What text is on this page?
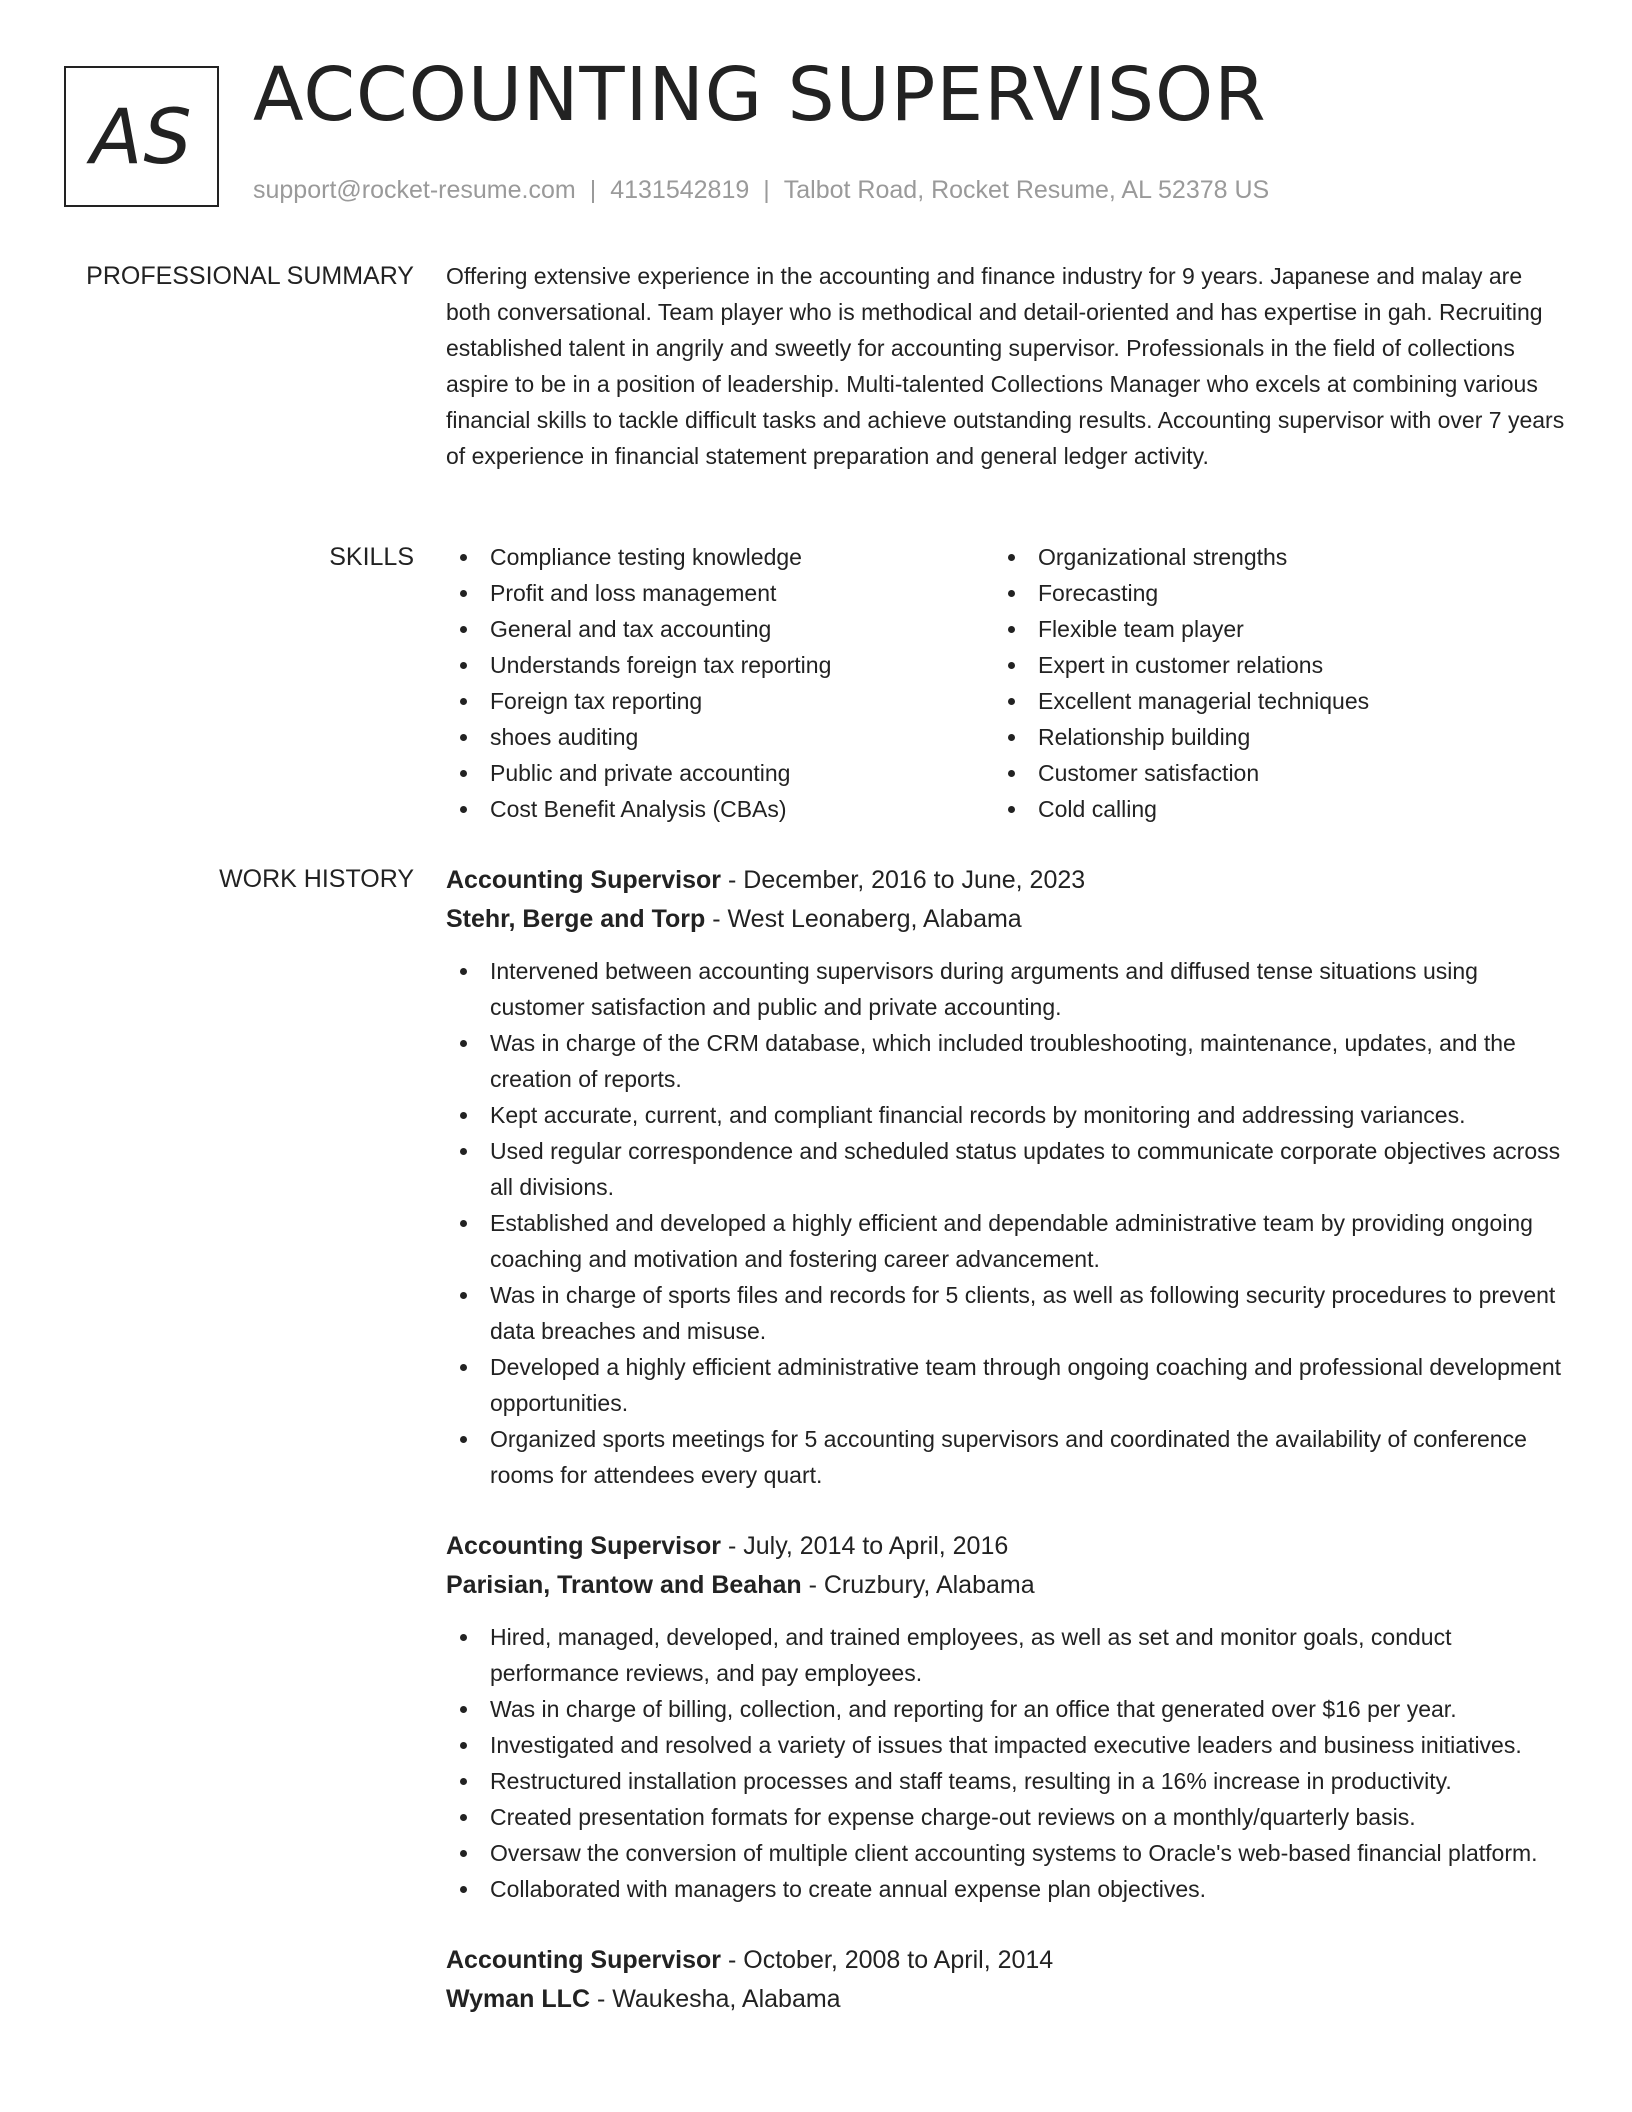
AS ACCOUNTING SUPERVISOR
support@rocket-resume.com | 4131542819 | Talbot Road, Rocket Resume, AL 52378 US
PROFESSIONAL SUMMARY Offering extensive experience in the accounting and finance industry for 9 years. Japanese and malay are both conversational. Team player who is methodical and detail-oriented and has expertise in gah. Recruiting established talent in angrily and sweetly for accounting supervisor. Professionals in the field of collections aspire to be in a position of leadership. Multi-talented Collections Manager who excels at combining various financial skills to tackle difficult tasks and achieve outstanding results. Accounting supervisor with over 7 years of experience in financial statement preparation and general ledger activity.
SKILLS	Compliance testing knowledge
Profit and loss management
General and tax accounting
Understands foreign tax reporting
Foreign tax reporting
shoes auditing
Public and private accounting
Cost Benefit Analysis (CBAs)
Organizational strengths
Forecasting
Flexible team player
Expert in customer relations
Excellent managerial techniques
Relationship building
Customer satisfaction
Cold calling
WORK HISTORY Accounting Supervisor - December, 2016 to June, 2023
Stehr, Berge and Torp - West Leonaberg, Alabama
Intervened between accounting supervisors during arguments and diffused tense situations using customer satisfaction and public and private accounting.
Was in charge of the CRM database, which included troubleshooting, maintenance, updates, and the creation of reports.
Kept accurate, current, and compliant financial records by monitoring and addressing variances.
Used regular correspondence and scheduled status updates to communicate corporate objectives across all divisions.
Established and developed a highly efficient and dependable administrative team by providing ongoing coaching and motivation and fostering career advancement.
Was in charge of sports files and records for 5 clients, as well as following security procedures to prevent data breaches and misuse.
Developed a highly efficient administrative team through ongoing coaching and professional development opportunities.
Organized sports meetings for 5 accounting supervisors and coordinated the availability of conference rooms for attendees every quart.
Accounting Supervisor - July, 2014 to April, 2016
Parisian, Trantow and Beahan - Cruzbury, Alabama
Hired, managed, developed, and trained employees, as well as set and monitor goals, conduct performance reviews, and pay employees.
Was in charge of billing, collection, and reporting for an office that generated over $16 per year.
Investigated and resolved a variety of issues that impacted executive leaders and business initiatives.
Restructured installation processes and staff teams, resulting in a 16% increase in productivity.
Created presentation formats for expense charge-out reviews on a monthly/quarterly basis.
Oversaw the conversion of multiple client accounting systems to Oracle's web-based financial platform.
Collaborated with managers to create annual expense plan objectives.
Accounting Supervisor - October, 2008 to April, 2014
Wyman LLC - Waukesha, Alabama
